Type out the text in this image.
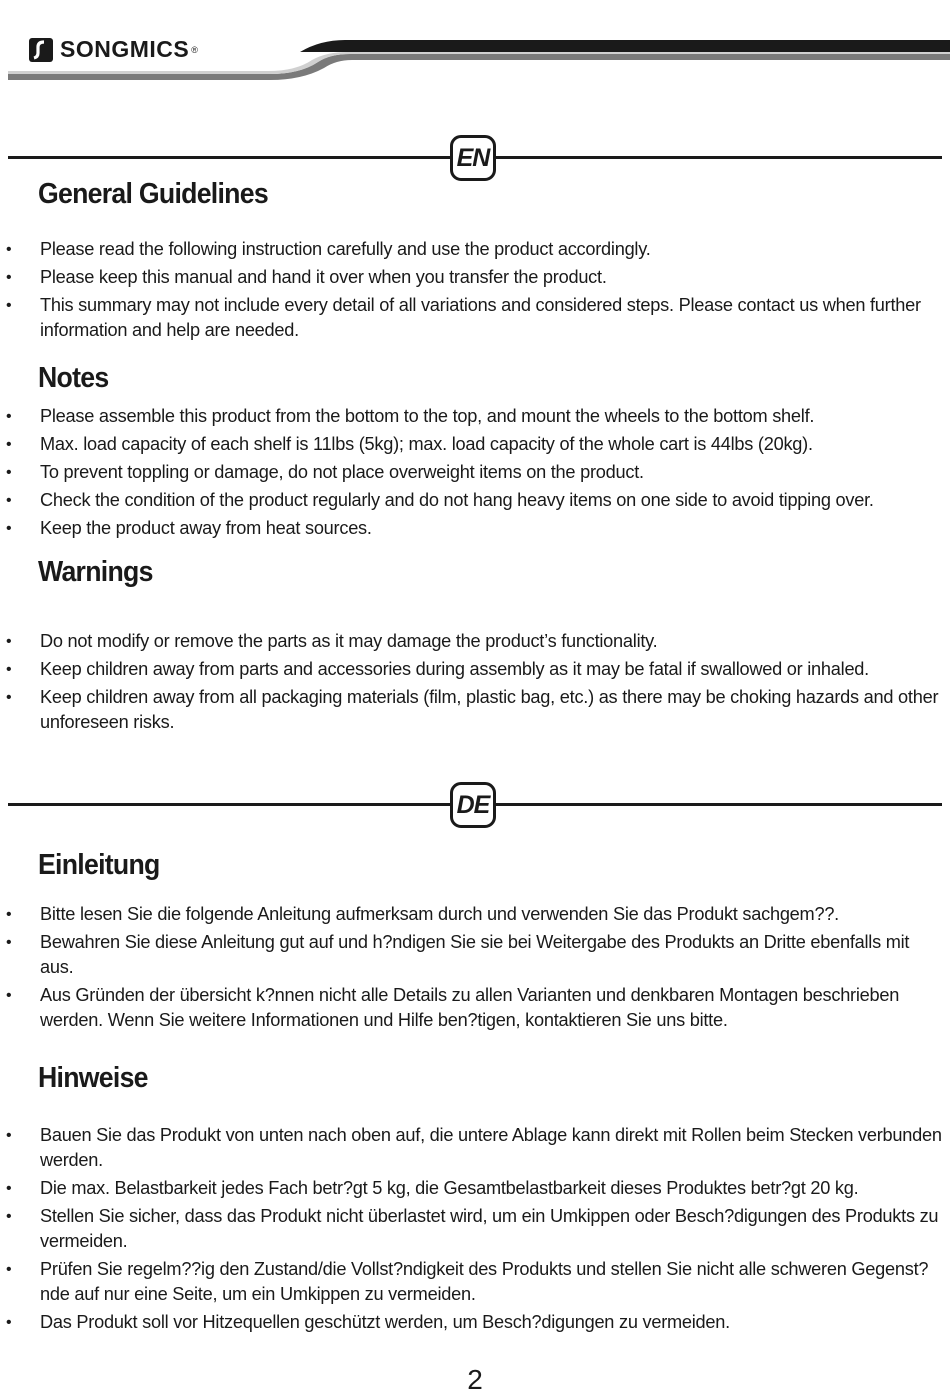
SONGMICS ®
EN
General Guidelines
• Please read the following instruction carefully and use the product accordingly.
• Please keep this manual and hand it over when you transfer the product.
• This summary may not include every detail of all variations and considered steps. Please contact us when further information and help are needed.
Notes
• Please assemble this product from the bottom to the top, and mount the wheels to the bottom shelf.
• Max. load capacity of each shelf is 11lbs (5kg); max. load capacity of the whole cart is 44lbs (20kg).
• To prevent toppling or damage, do not place overweight items on the product.
• Check the condition of the product regularly and do not hang heavy items on one side to avoid tipping over.
• Keep the product away from heat sources.
Warnings
• Do not modify or remove the parts as it may damage the product’s functionality.
• Keep children away from parts and accessories during assembly as it may be fatal if swallowed or inhaled.
• Keep children away from all packaging materials (film, plastic bag, etc.) as there may be choking hazards and other unforeseen risks.
DE
Einleitung
• Bitte lesen Sie die folgende Anleitung aufmerksam durch und verwenden Sie das Produkt sachgem??.
• Bewahren Sie diese Anleitung gut auf und h?ndigen Sie sie bei Weitergabe des Produkts an Dritte ebenfalls mit aus.
• Aus Gründen der übersicht k?nnen nicht alle Details zu allen Varianten und denkbaren Montagen beschrieben werden. Wenn Sie weitere Informationen und Hilfe ben?tigen, kontaktieren Sie uns bitte.
Hinweise
• Bauen Sie das Produkt von unten nach oben auf, die untere Ablage kann direkt mit Rollen beim Stecken verbunden werden.
• Die max. Belastbarkeit jedes Fach betr?gt 5 kg, die Gesamtbelastbarkeit dieses Produktes betr?gt 20 kg.
• Stellen Sie sicher, dass das Produkt nicht überlastet wird, um ein Umkippen oder Besch?digungen des Produkts zu vermeiden.
• Prüfen Sie regelm??ig den Zustand/die Vollst?ndigkeit des Produkts und stellen Sie nicht alle schweren Gegenst?nde auf nur eine Seite, um ein Umkippen zu vermeiden.
• Das Produkt soll vor Hitzequellen geschützt werden, um Besch?digungen zu vermeiden.
2
